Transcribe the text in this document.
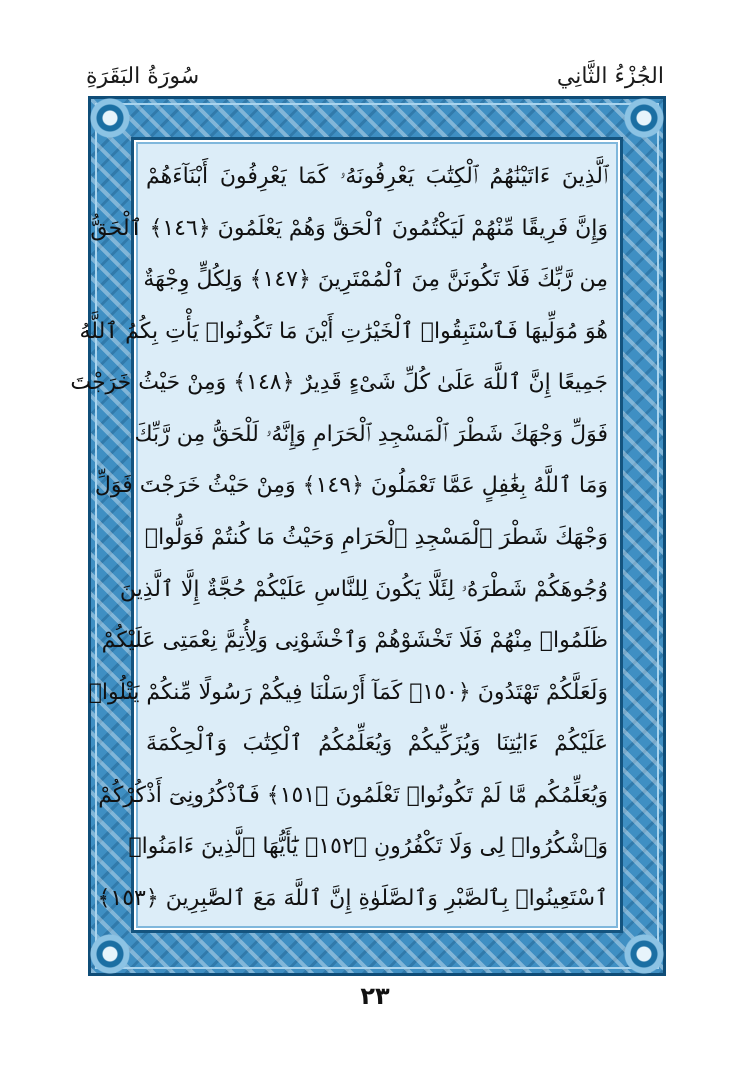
سُورَةُ البَقَرَةِ	الجُزْءُ الثَّانِي
ٱلَّذِينَ ءَاتَيْنَٰهُمُ ٱلْكِتَٰبَ يَعْرِفُونَهُۥ كَمَا يَعْرِفُونَ أَبْنَآءَهُمْ
وَإِنَّ فَرِيقًا مِّنْهُمْ لَيَكْتُمُونَ ٱلْحَقَّ وَهُمْ يَعْلَمُونَ ﴿١٤٦﴾ ٱلْحَقُّ
مِن رَّبِّكَ فَلَا تَكُونَنَّ مِنَ ٱلْمُمْتَرِينَ ﴿١٤٧﴾ وَلِكُلٍّ وِجْهَةٌ
هُوَ مُوَلِّيهَا فَٱسْتَبِقُوا۟ ٱلْخَيْرَٰتِ أَيْنَ مَا تَكُونُوا۟ يَأْتِ بِكُمُ ٱللَّهُ
جَمِيعًا إِنَّ ٱللَّهَ عَلَىٰ كُلِّ شَىْءٍ قَدِيرٌ ﴿١٤٨﴾ وَمِنْ حَيْثُ خَرَجْتَ
فَوَلِّ وَجْهَكَ شَطْرَ ٱلْمَسْجِدِ ٱلْحَرَامِ وَإِنَّهُۥ لَلْحَقُّ مِن رَّبِّكَ
وَمَا ٱللَّهُ بِغَٰفِلٍ عَمَّا تَعْمَلُونَ ﴿١٤٩﴾ وَمِنْ حَيْثُ خَرَجْتَ فَوَلِّ
وَجْهَكَ شَطْرَ ٱلْمَسْجِدِ ٱلْحَرَامِ وَحَيْثُ مَا كُنتُمْ فَوَلُّوا۟
وُجُوهَكُمْ شَطْرَهُۥ لِئَلَّا يَكُونَ لِلنَّاسِ عَلَيْكُمْ حُجَّةٌ إِلَّا ٱلَّذِينَ
ظَلَمُوا۟ مِنْهُمْ فَلَا تَخْشَوْهُمْ وَٱخْشَوْنِى وَلِأُتِمَّ نِعْمَتِى عَلَيْكُمْ
وَلَعَلَّكُمْ تَهْتَدُونَ ﴿١٥٠﴾ كَمَآ أَرْسَلْنَا فِيكُمْ رَسُولًا مِّنكُمْ يَتْلُوا۟
عَلَيْكُمْ ءَايَٰتِنَا وَيُزَكِّيكُمْ وَيُعَلِّمُكُمُ ٱلْكِتَٰبَ وَٱلْحِكْمَةَ
وَيُعَلِّمُكُم مَّا لَمْ تَكُونُوا۟ تَعْلَمُونَ ﴿١٥١﴾ فَٱذْكُرُونِىٓ أَذْكُرْكُمْ
وَٱشْكُرُوا۟ لِى وَلَا تَكْفُرُونِ ﴿١٥٢﴾ يَٰٓأَيُّهَا ٱلَّذِينَ ءَامَنُوا۟
ٱسْتَعِينُوا۟ بِٱلصَّبْرِ وَٱلصَّلَوٰةِ إِنَّ ٱللَّهَ مَعَ ٱلصَّٰبِرِينَ ﴿١٥٣﴾
٢٣
